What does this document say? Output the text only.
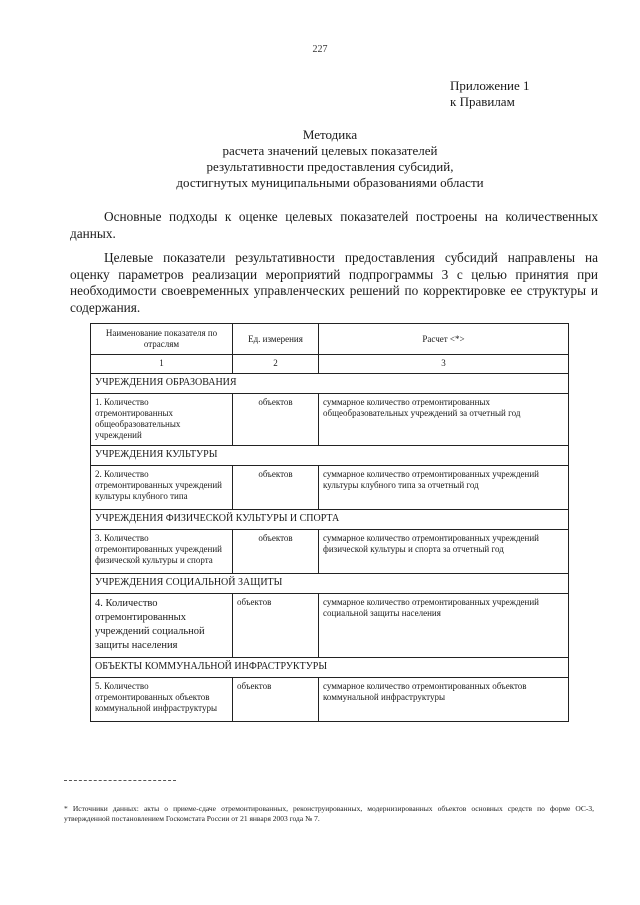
227
Приложение 1
к Правилам
Методика
расчета значений целевых показателей
результативности предоставления субсидий,
достигнутых муниципальными образованиями области

Основные подходы к оценке целевых показателей построены на количественных данных.

Целевые показатели результативности предоставления субсидий направлены на оценку параметров реализации мероприятий подпрограммы 3 с целью принятия при необходимости своевременных управленческих решений по корректировке ее структуры и содержания.

Наименование показателя по отраслям	Ед. измерения	Расчет <*>
1	2	3
УЧРЕЖДЕНИЯ ОБРАЗОВАНИЯ		
1. Количество отремонтированных общеобразовательных учреждений	объектов	суммарное количество отремонтированных общеобразовательных учреждений за отчетный год
УЧРЕЖДЕНИЯ КУЛЬТУРЫ		
2. Количество отремонтированных учреждений культуры клубного типа	объектов	суммарное количество отремонтированных учреждений культуры клубного типа за отчетный год
УЧРЕЖДЕНИЯ ФИЗИЧЕСКОЙ КУЛЬТУРЫ И СПОРТА		
3. Количество отремонтированных учреждений физической культуры и спорта	объектов	суммарное количество отремонтированных учреждений физической культуры и спорта за отчетный год
УЧРЕЖДЕНИЯ СОЦИАЛЬНОЙ ЗАЩИТЫ		
4. Количество отремонтированных учреждений социальной защиты населения	объектов	суммарное количество отремонтированных учреждений социальной защиты населения
ОБЪЕКТЫ КОММУНАЛЬНОЙ ИНФРАСТРУКТУРЫ		
5. Количество отремонтированных объектов коммунальной инфраструктуры	объектов	суммарное количество отремонтированных объектов коммунальной инфраструктуры
* Источники данных: акты о приеме-сдаче отремонтированных, реконструированных, модернизированных объектов основных средств по форме ОС-3, утвержденной постановлением Госкомстата России от 21 января 2003 года № 7.
